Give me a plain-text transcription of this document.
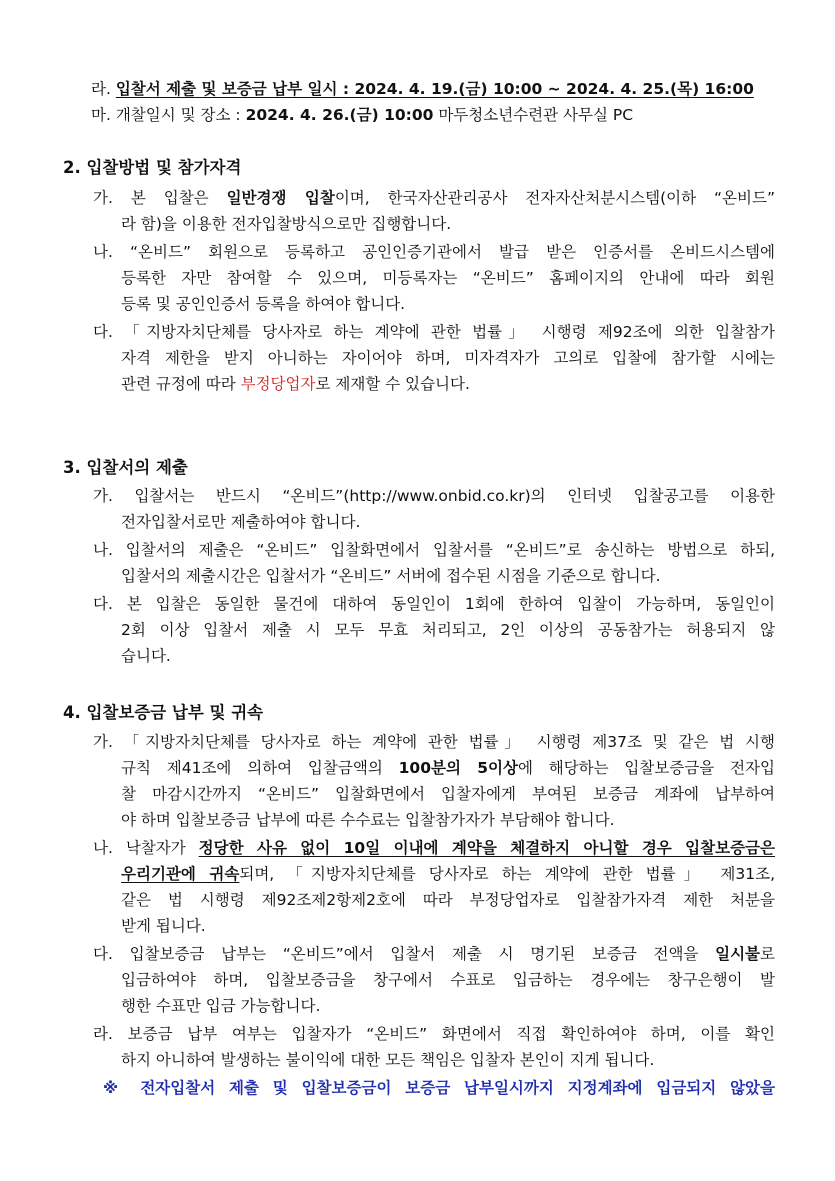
라. 입찰서 제출 및 보증금 납부 일시 : 2024. 4. 19.(금) 10:00 ~ 2024. 4. 25.(목) 16:00
마. 개찰일시 및 장소 : 2024. 4. 26.(금) 10:00 마두청소년수련관 사무실 PC
2. 입찰방법 및 참가자격
가. 본 입찰은 일반경쟁 입찰이며, 한국자산관리공사 전자자산처분시스템(이하 “온비드”
라 함)을 이용한 전자입찰방식으로만 집행합니다.
나. “온비드” 회원으로 등록하고 공인인증기관에서 발급 받은 인증서를 온비드시스템에
등록한 자만 참여할 수 있으며, 미등록자는 “온비드” 홈페이지의 안내에 따라 회원
등록 및 공인인증서 등록을 하여야 합니다.
다. 「지방자치단체를 당사자로 하는 계약에 관한 법률」 시행령 제92조에 의한 입찰참가
자격 제한을 받지 아니하는 자이어야 하며, 미자격자가 고의로 입찰에 참가할 시에는
관련 규정에 따라 부정당업자로 제재할 수 있습니다.
3. 입찰서의 제출
가. 입찰서는 반드시 “온비드”(http://www.onbid.co.kr)의 인터넷 입찰공고를 이용한
전자입찰서로만 제출하여야 합니다.
나. 입찰서의 제출은 “온비드” 입찰화면에서 입찰서를 “온비드”로 송신하는 방법으로 하되,
입찰서의 제출시간은 입찰서가 “온비드” 서버에 접수된 시점을 기준으로 합니다.
다. 본 입찰은 동일한 물건에 대하여 동일인이 1회에 한하여 입찰이 가능하며, 동일인이
2회 이상 입찰서 제출 시 모두 무효 처리되고, 2인 이상의 공동참가는 허용되지 않
습니다.
4. 입찰보증금 납부 및 귀속
가. 「지방자치단체를 당사자로 하는 계약에 관한 법률」 시행령 제37조 및 같은 법 시행
규칙 제41조에 의하여 입찰금액의 100분의 5이상에 해당하는 입찰보증금을 전자입
찰 마감시간까지 “온비드” 입찰화면에서 입찰자에게 부여된 보증금 계좌에 납부하여
야 하며 입찰보증금 납부에 따른 수수료는 입찰참가자가 부담해야 합니다.
나. 낙찰자가 정당한 사유 없이 10일 이내에 계약을 체결하지 아니할 경우 입찰보증금은
우리기관에 귀속되며, 「지방자치단체를 당사자로 하는 계약에 관한 법률」 제31조,
같은 법 시행령 제92조제2항제2호에 따라 부정당업자로 입찰참가자격 제한 처분을
받게 됩니다.
다. 입찰보증금 납부는 “온비드”에서 입찰서 제출 시 명기된 보증금 전액을 일시불로
입금하여야 하며, 입찰보증금을 창구에서 수표로 입금하는 경우에는 창구은행이 발
행한 수표만 입금 가능합니다.
라. 보증금 납부 여부는 입찰자가 “온비드” 화면에서 직접 확인하여야 하며, 이를 확인
하지 아니하여 발생하는 불이익에 대한 모든 책임은 입찰자 본인이 지게 됩니다.
※ 전자입찰서 제출 및 입찰보증금이 보증금 납부일시까지 지정계좌에 입금되지 않았을
